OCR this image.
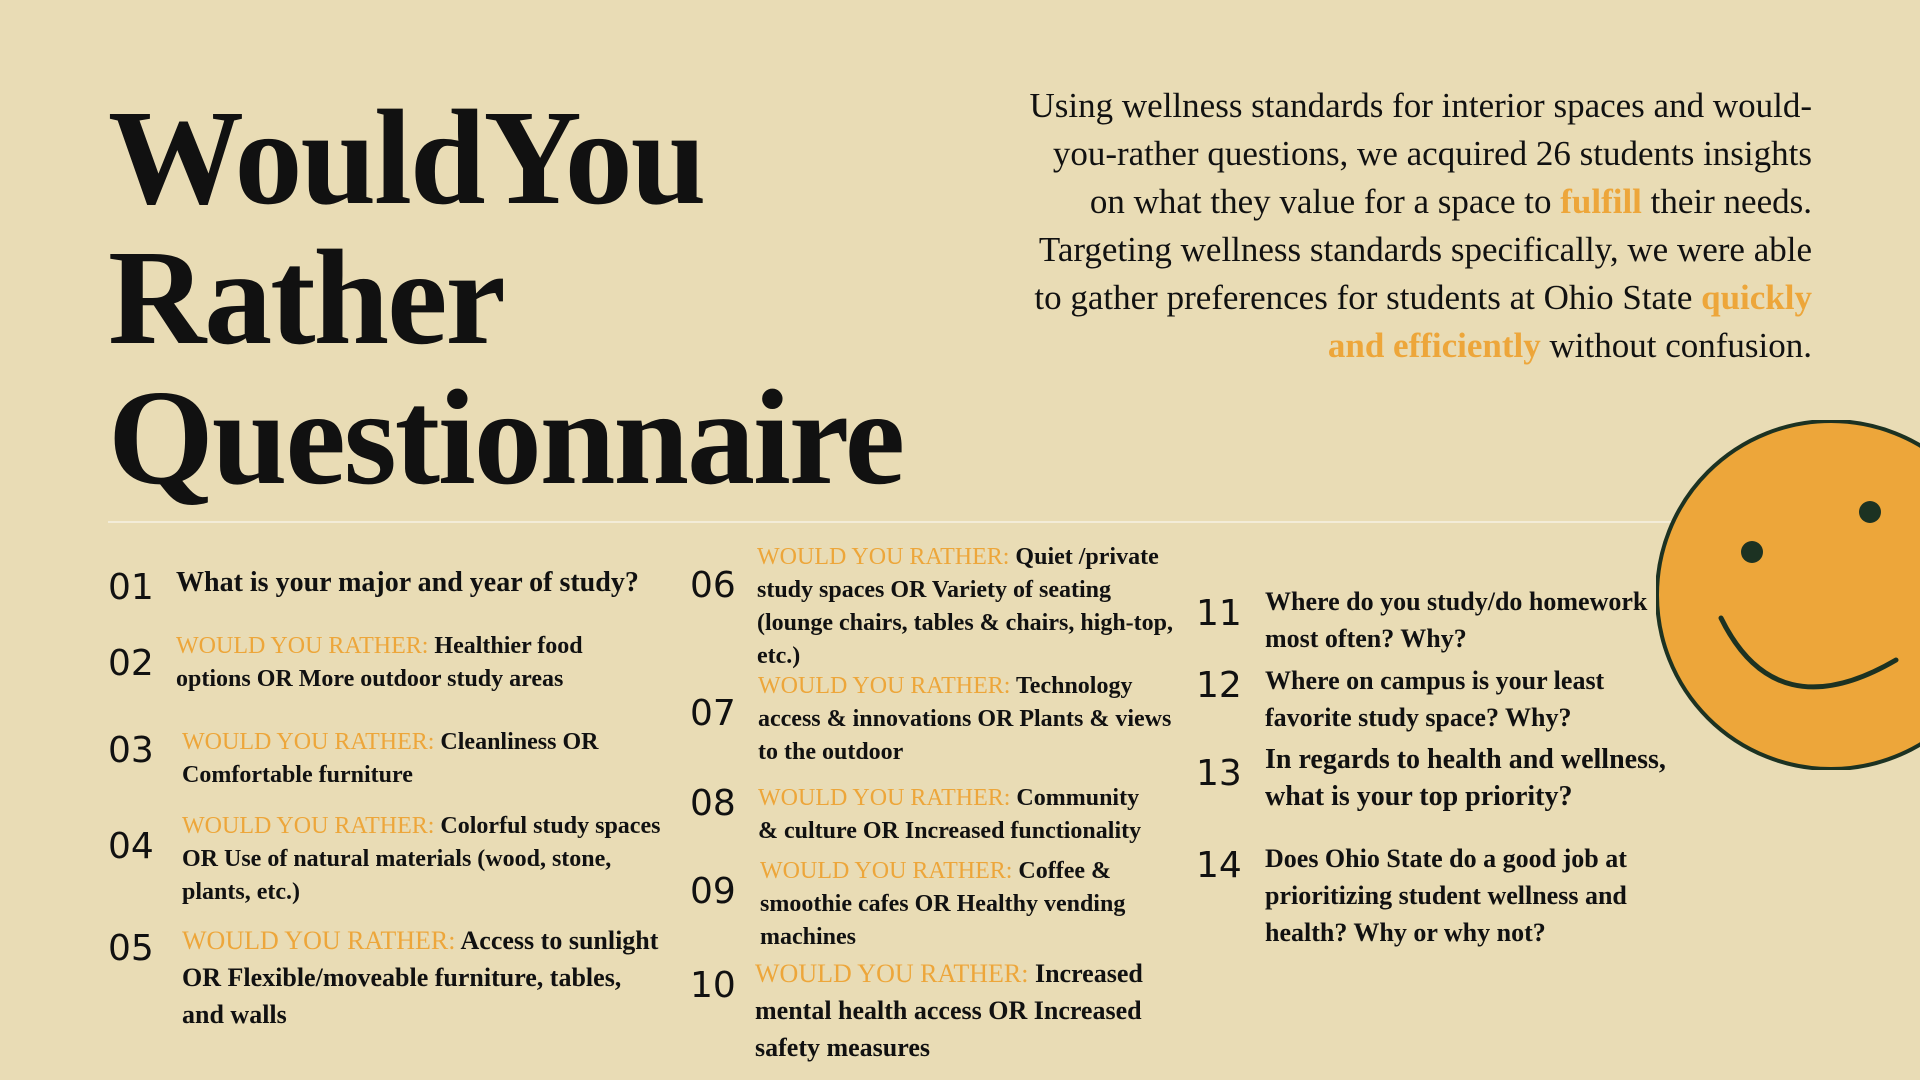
WouldYou
Rather
Questionnaire

Using wellness standards for interior spaces and would-you-rather questions, we acquired 26 students insights on what they value for a space to fulfill their needs. Targeting wellness standards specifically, we were able to gather preferences for students at Ohio State quickly and efficiently without confusion.

01 What is your major and year of study?

02 WOULD YOU RATHER: Healthier food options OR More outdoor study areas

03 WOULD YOU RATHER: Cleanliness OR Comfortable furniture

04 WOULD YOU RATHER: Colorful study spaces OR Use of natural materials (wood, stone, plants, etc.)

05 WOULD YOU RATHER: Access to sunlight OR Flexible/moveable furniture, tables, and walls

06

WOULD YOU RATHER: Quiet /private study spaces OR Variety of seating (lounge chairs, tables & chairs, high-top, etc.)

07

WOULD YOU RATHER: Technology access & innovations OR Plants & views to the outdoor

08 WOULD YOU RATHER: Community & culture OR Increased functionality

09 WOULD YOU RATHER: Coffee & smoothie cafes OR Healthy vending machines

10 WOULD YOU RATHER: Increased mental health access OR Increased safety measures

11 Where do you study/do homework most often? Why?

12 Where on campus is your least favorite study space? Why?

13 In regards to health and wellness, what is your top priority?

14 Does Ohio State do a good job at prioritizing student wellness and health? Why or why not?
